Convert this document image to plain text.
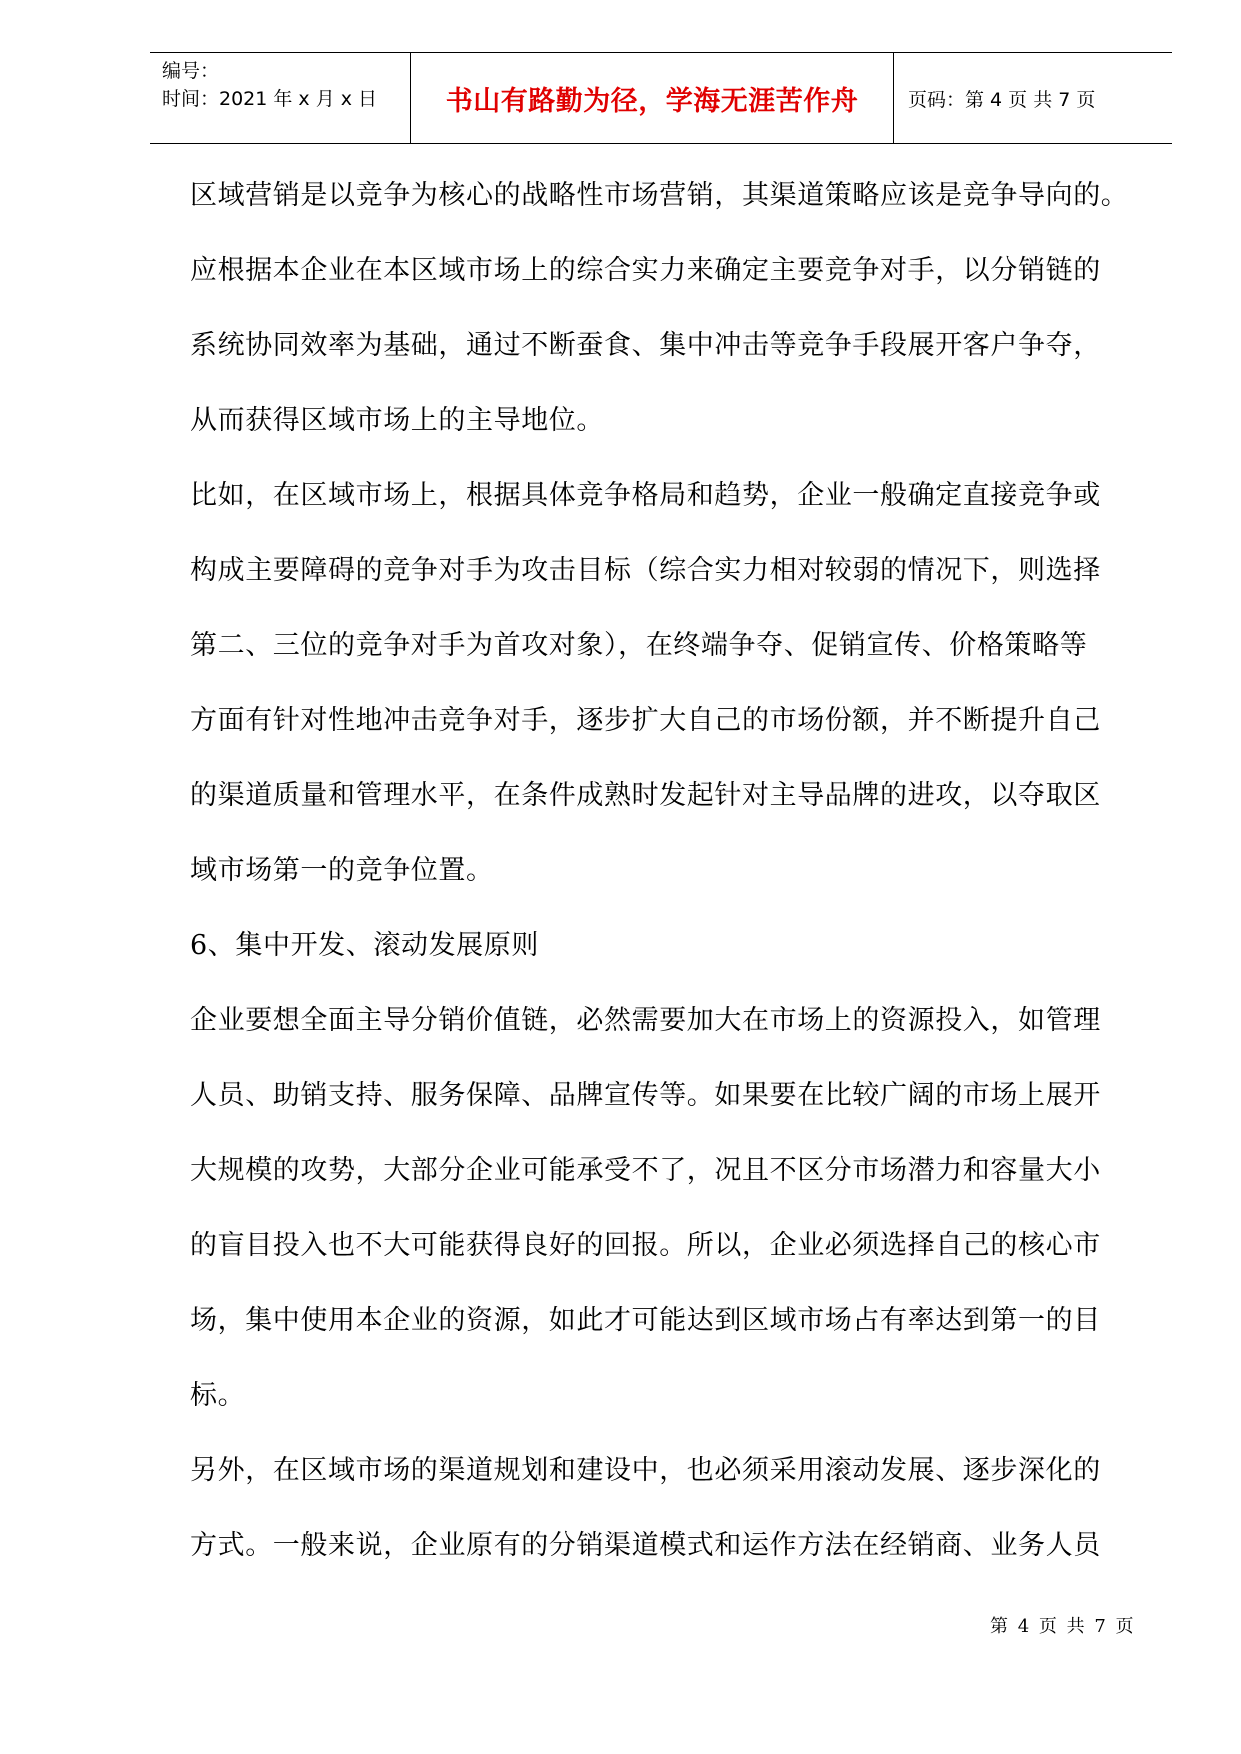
编号：
时间：2021 年 x 月 x 日	书山有路勤为径，学海无涯苦作舟	页码：第 4 页 共 7 页
区域营销是以竞争为核心的战略性市场营销，其渠道策略应该是竞争导向的。
应根据本企业在本区域市场上的综合实力来确定主要竞争对手，以分销链的
系统协同效率为基础，通过不断蚕食、集中冲击等竞争手段展开客户争夺，
从而获得区域市场上的主导地位。
比如，在区域市场上，根据具体竞争格局和趋势，企业一般确定直接竞争或
构成主要障碍的竞争对手为攻击目标（综合实力相对较弱的情况下，则选择
第二、三位的竞争对手为首攻对象），在终端争夺、促销宣传、价格策略等
方面有针对性地冲击竞争对手，逐步扩大自己的市场份额，并不断提升自己
的渠道质量和管理水平，在条件成熟时发起针对主导品牌的进攻，以夺取区
域市场第一的竞争位置。
6、集中开发、滚动发展原则
企业要想全面主导分销价值链，必然需要加大在市场上的资源投入，如管理
人员、助销支持、服务保障、品牌宣传等。如果要在比较广阔的市场上展开
大规模的攻势，大部分企业可能承受不了，况且不区分市场潜力和容量大小
的盲目投入也不大可能获得良好的回报。所以，企业必须选择自己的核心市
场，集中使用本企业的资源，如此才可能达到区域市场占有率达到第一的目
标。
另外，在区域市场的渠道规划和建设中，也必须采用滚动发展、逐步深化的
方式。一般来说，企业原有的分销渠道模式和运作方法在经销商、业务人员
第 4 页 共 7 页
